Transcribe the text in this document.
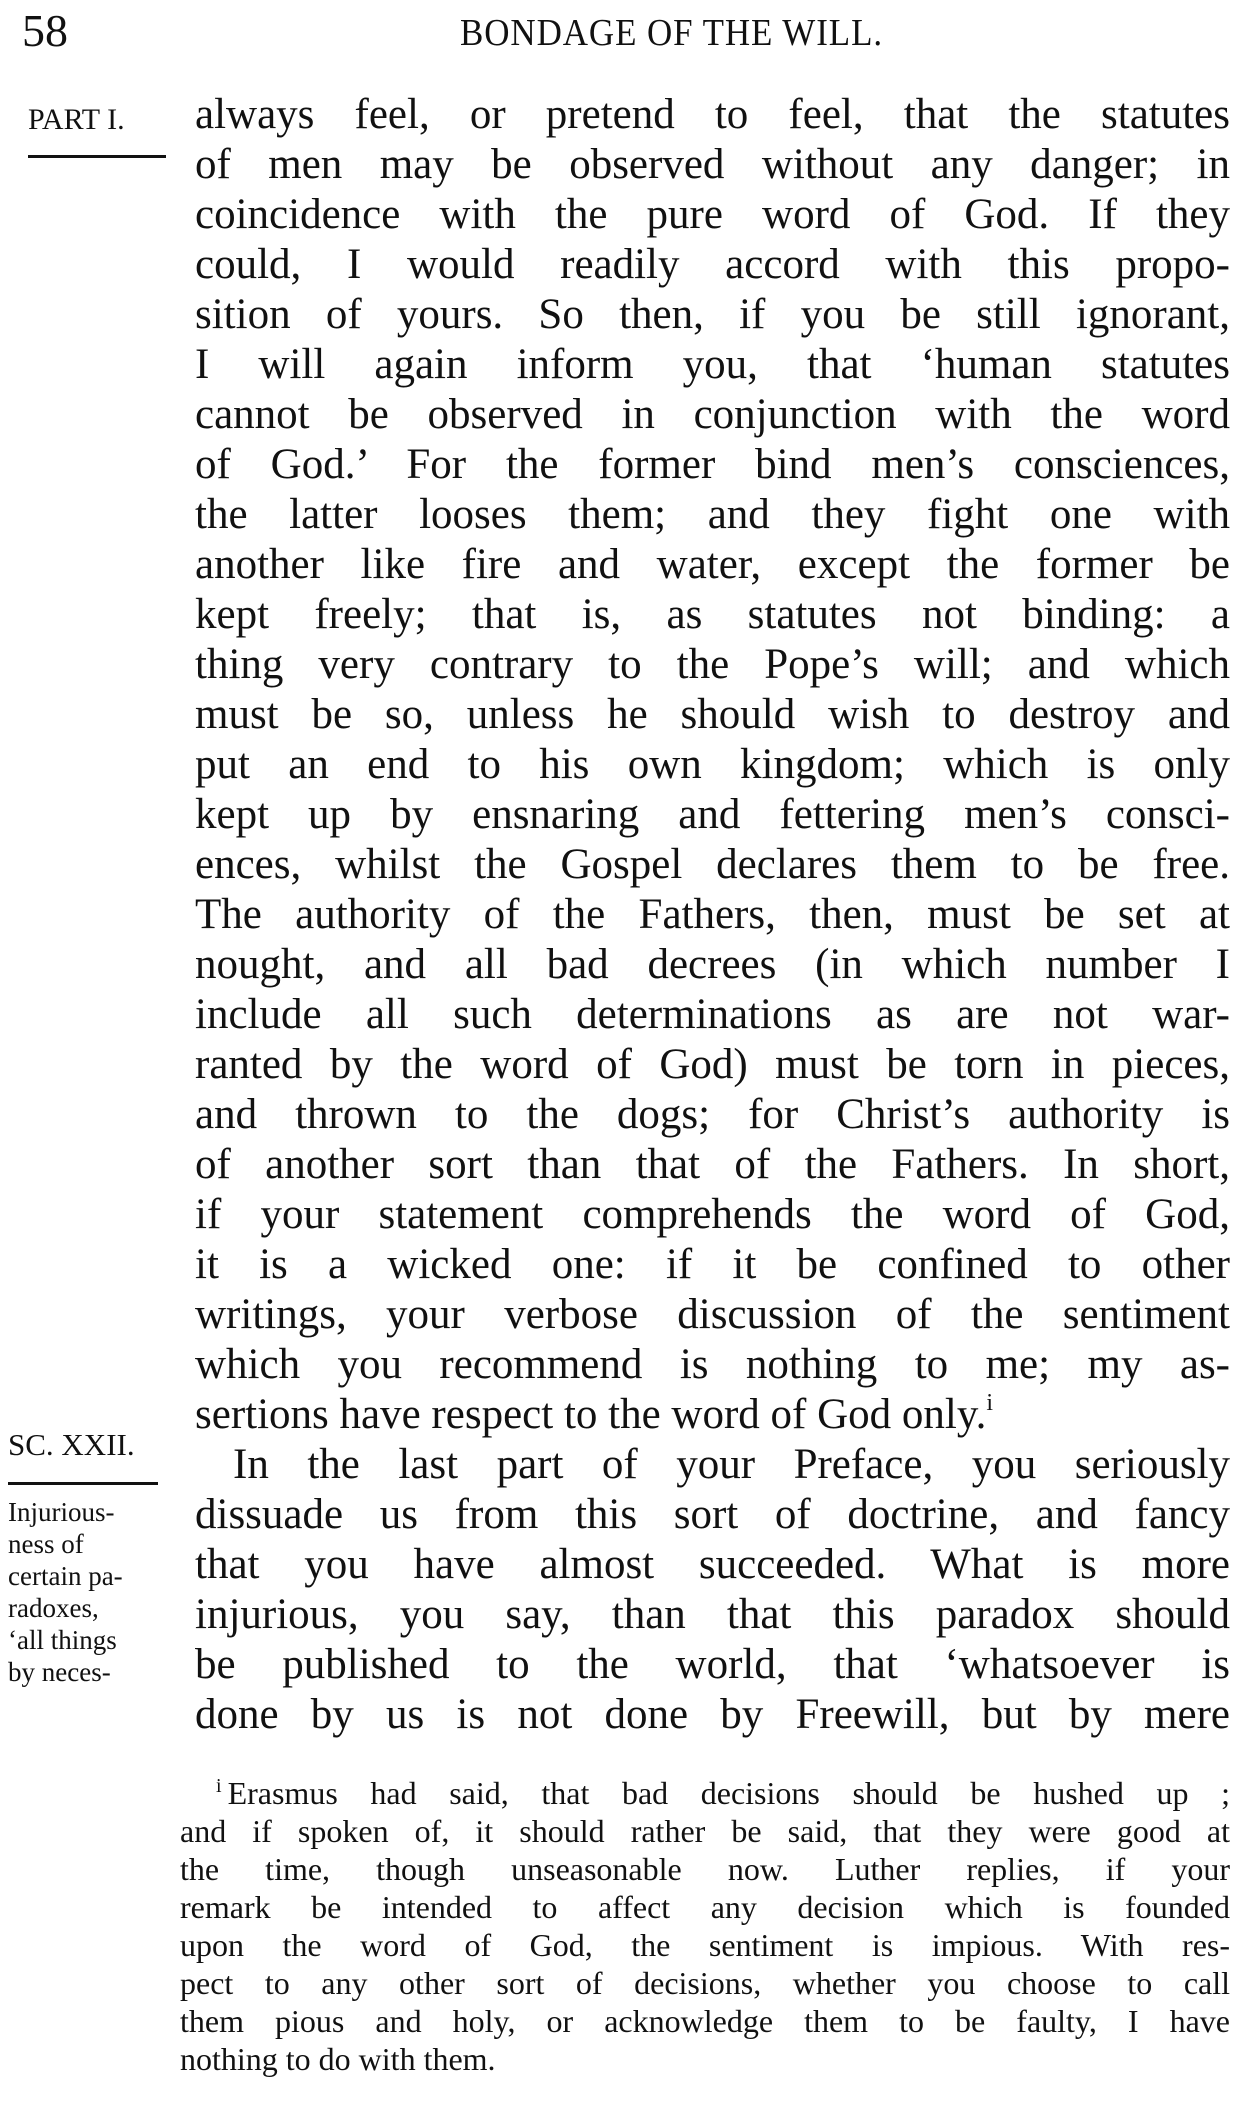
58	BONDAGE OF THE WILL.
PART I.	always feel, or pretend to feel, that the statutes
of men may be observed without any danger; in
coincidence with the pure word of God. If they
could, I would readily accord with this propo-
sition of yours. So then, if you be still ignorant,
I will again inform you, that ‘human statutes
cannot be observed in conjunction with the word
of God.’ For the former bind men’s consciences,
the latter looses them; and they fight one with
another like fire and water, except the former be
kept freely; that is, as statutes not binding: a
thing very contrary to the Pope’s will; and which
must be so, unless he should wish to destroy and
put an end to his own kingdom; which is only
kept up by ensnaring and fettering men’s consci-
ences, whilst the Gospel declares them to be free.
The authority of the Fathers, then, must be set at
nought, and all bad decrees (in which number I
include all such determinations as are not war-
ranted by the word of God) must be torn in pieces,
and thrown to the dogs; for Christ’s authority is
of another sort than that of the Fathers. In short,
if your statement comprehends the word of God,
it is a wicked one: if it be confined to other
writings, your verbose discussion of the sentiment
which you recommend is nothing to me; my as-
sertions have respect to the word of God only.$^i$
In the last part of your Preface, you seriously
dissuade us from this sort of doctrine, and fancy
that you have almost succeeded. What is more
injurious, you say, than that this paradox should
be published to the world, that ‘whatsoever is
done by us is not done by Freewill, but by mere
SC. XXII.
Injurious-
ness of
certain pa-
radoxes,
‘all things
by neces-
$^i$ Erasmus had said, that bad decisions should be hushed up ;
and if spoken of, it should rather be said, that they were good at
the time, though unseasonable now. Luther replies, if your
remark be intended to affect any decision which is founded
upon the word of God, the sentiment is impious. With res-
pect to any other sort of decisions, whether you choose to call
them pious and holy, or acknowledge them to be faulty, I have
nothing to do with them.
